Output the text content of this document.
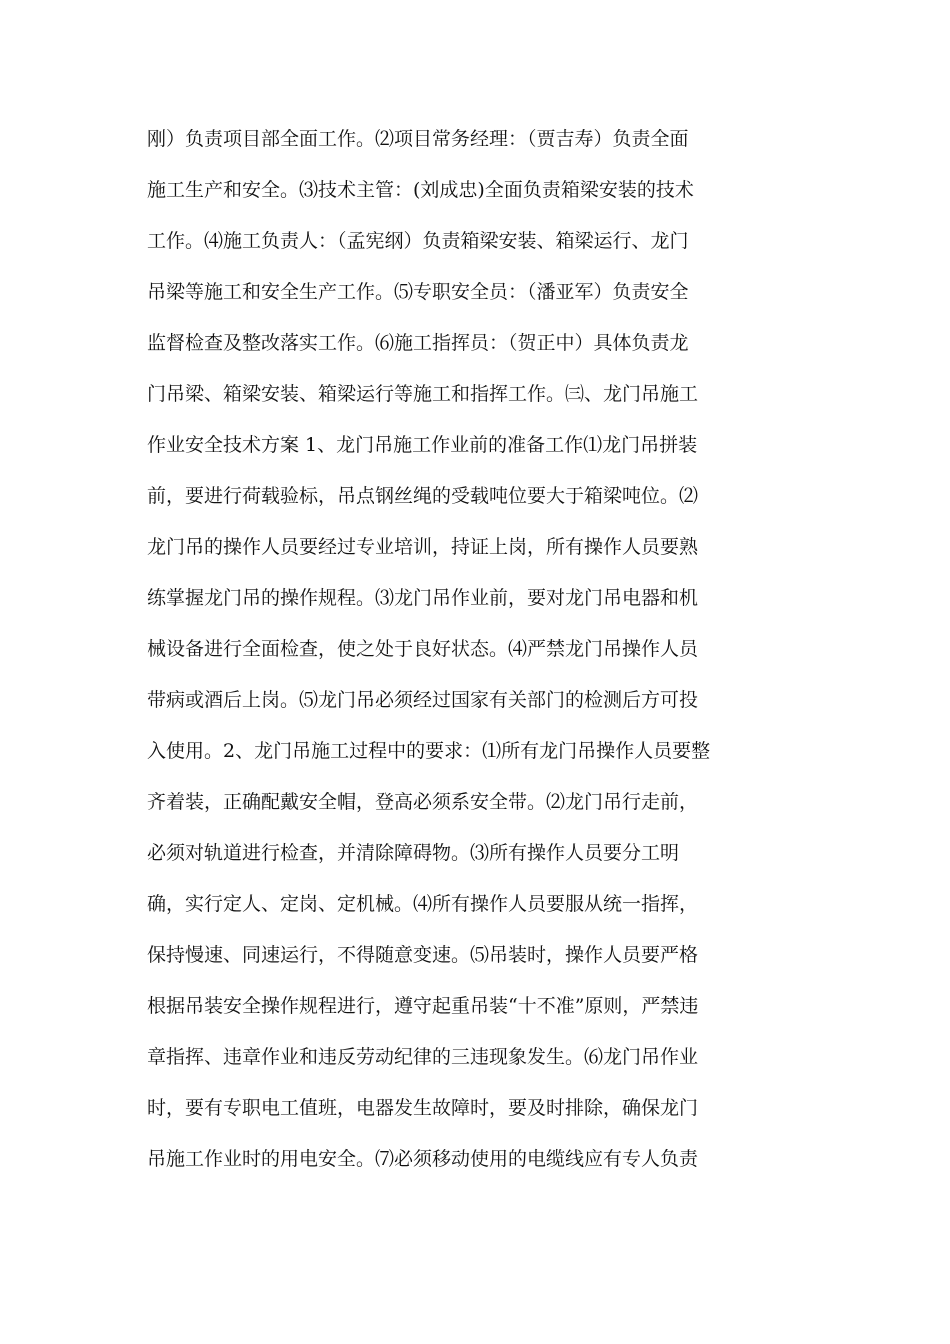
刚）负责项目部全面工作。⑵项目常务经理：（贾吉寿）负责全面
施工生产和安全。⑶技术主管：(刘成忠)全面负责箱梁安装的技术
工作。⑷施工负责人：（孟宪纲）负责箱梁安装、箱梁运行、龙门
吊梁等施工和安全生产工作。⑸专职安全员：（潘亚军）负责安全
监督检查及整改落实工作。⑹施工指挥员：（贺正中）具体负责龙
门吊梁、箱梁安装、箱梁运行等施工和指挥工作。㈢、龙门吊施工
作业安全技术方案 1、龙门吊施工作业前的准备工作⑴龙门吊拼装
前，要进行荷载验标，吊点钢丝绳的受载吨位要大于箱梁吨位。⑵
龙门吊的操作人员要经过专业培训，持证上岗，所有操作人员要熟
练掌握龙门吊的操作规程。⑶龙门吊作业前，要对龙门吊电器和机
械设备进行全面检查，使之处于良好状态。⑷严禁龙门吊操作人员
带病或酒后上岗。⑸龙门吊必须经过国家有关部门的检测后方可投
入使用。2、龙门吊施工过程中的要求：⑴所有龙门吊操作人员要整
齐着装，正确配戴安全帽，登高必须系安全带。⑵龙门吊行走前，
必须对轨道进行检查，并清除障碍物。⑶所有操作人员要分工明
确，实行定人、定岗、定机械。⑷所有操作人员要服从统一指挥，
保持慢速、同速运行，不得随意变速。⑸吊装时，操作人员要严格
根据吊装安全操作规程进行，遵守起重吊装“十不准”原则，严禁违
章指挥、违章作业和违反劳动纪律的三违现象发生。⑹龙门吊作业
时，要有专职电工值班，电器发生故障时，要及时排除，确保龙门
吊施工作业时的用电安全。⑺必须移动使用的电缆线应有专人负责
